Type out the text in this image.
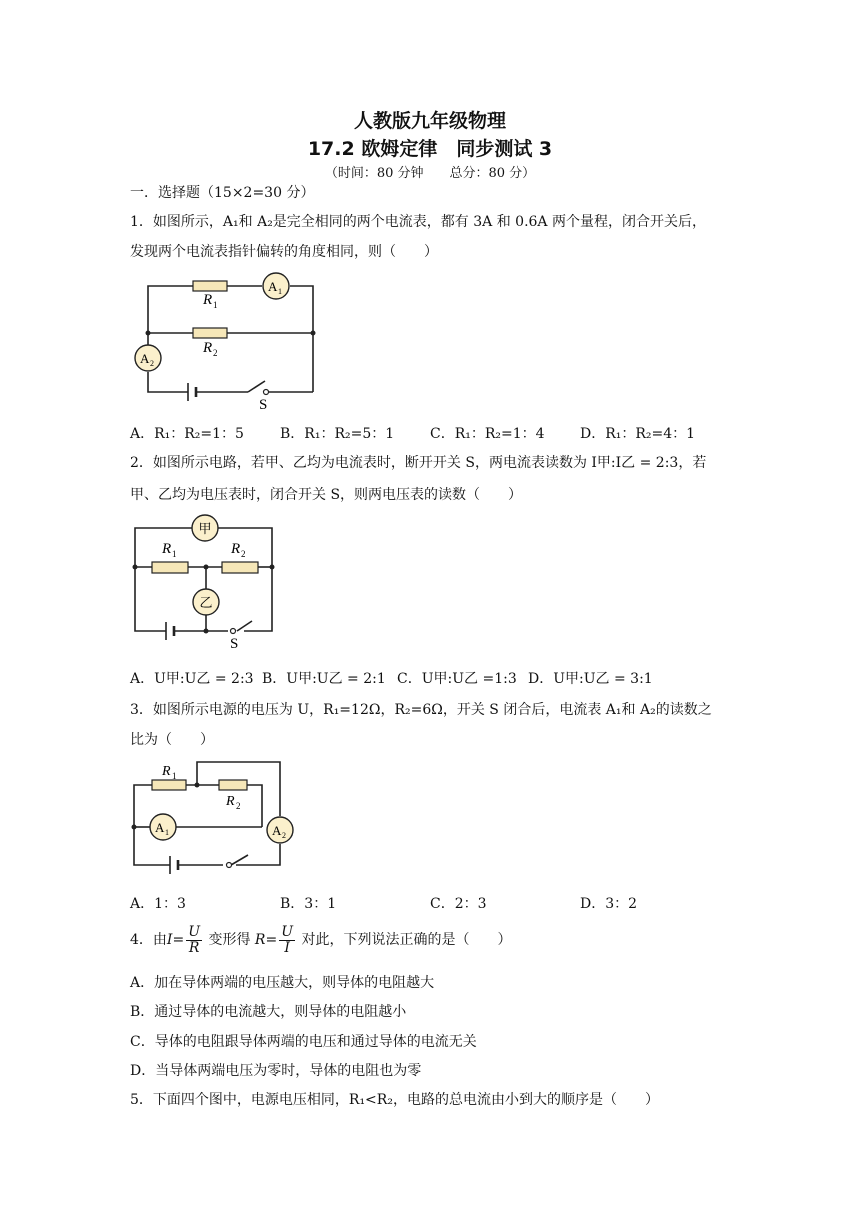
人教版九年级物理
17.2 欧姆定律　同步测试 3
（时间：80 分钟　　总分：80 分）
一．选择题（15×2=30 分）
1．如图所示，A₁和 A₂是完全相同的两个电流表，都有 3A 和 0.6A 两个量程，闭合开关后，
发现两个电流表指针偏转的角度相同，则（　　）
R 1
R 2
A 1
A 2
S
A．R₁：R₂=1：5	B．R₁：R₂=5：1	C．R₁：R₂=1：4	D．R₁：R₂=4：1
2．如图所示电路，若甲、乙均为电流表时，断开开关 S，两电流表读数为 I甲:I乙 = 2:3，若
甲、乙均为电压表时，闭合开关 S，则两电压表的读数（　　）
甲
乙
R 1	R 2
S
A．U甲:U乙 = 2:3 B．U甲:U乙 = 2:1 C．U甲:U乙 =1:3 D．U甲:U乙 = 3:1
3．如图所示电源的电压为 U，R₁=12Ω，R₂=6Ω，开关 S 闭合后，电流表 A₁和 A₂的读数之
比为（　　）
R 1
R 2
A 1	A 2
A．1：3	B．3：1	C．2：3	D．3：2
4．由$I= \frac{U}{R}$ 变形得 $R= \frac{U}{I}$ 对此，下列说法正确的是（　　）
A．加在导体两端的电压越大，则导体的电阻越大
B．通过导体的电流越大，则导体的电阻越小
C．导体的电阻跟导体两端的电压和通过导体的电流无关
D．当导体两端电压为零时，导体的电阻也为零
5．下面四个图中，电源电压相同，R₁<R₂，电路的总电流由小到大的顺序是（　　）
